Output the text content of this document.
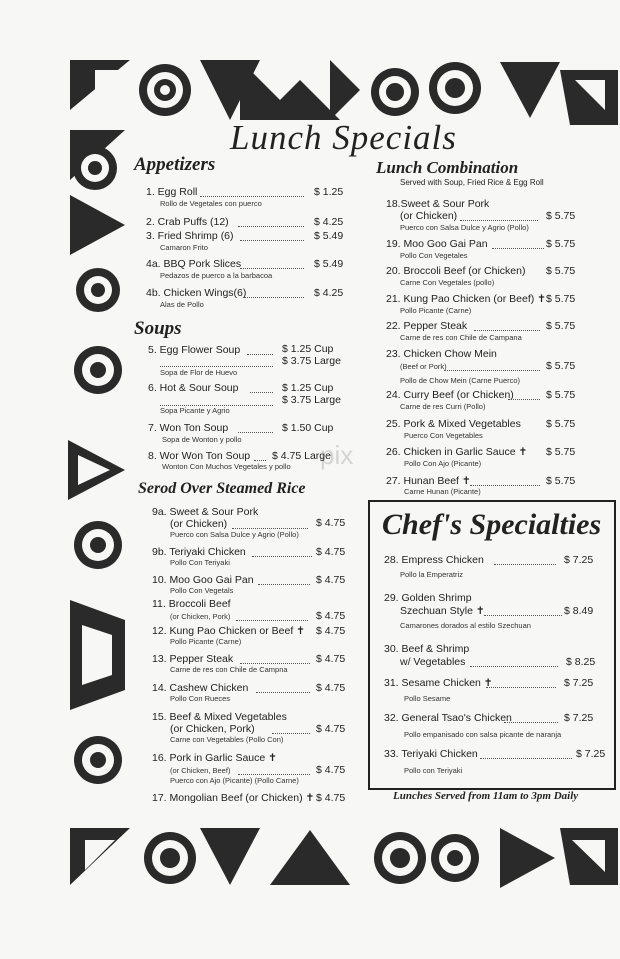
pix
Lunch Specials
Appetizers
1. Egg Roll	$ 1.25
Rollo de Vegetales con puerco
2. Crab Puffs (12)	$ 4.25
3. Fried Shrimp (6)	$ 5.49
Camaron Frito
4a. BBQ Pork Slices	$ 5.49
Pedazos de puerco a la barbacoa
4b. Chicken Wings(6)	$ 4.25
Alas de Pollo
Soups
5. Egg Flower Soup	$ 1.25 Cup
$ 3.75 Large
Sopa de Flor de Huevo
6. Hot & Sour Soup	$ 1.25 Cup
$ 3.75 Large
Sopa Picante y Agrio
7. Won Ton Soup	$ 1.50 Cup
Sopa de Wonton y pollo
8. Wor Won Ton Soup $ 4.75 Large
Wonton Con Muchos Vegetales y pollo
Serod Over Steamed Rice
9a. Sweet & Sour Pork
(or Chicken)	$ 4.75
Puerco con Salsa Dulce y Agrio (Pollo)
9b. Teriyaki Chicken	$ 4.75
Pollo Con Teriyaki
10. Moo Goo Gai Pan	$ 4.75
Pollo Con Vegetals
11. Broccoli Beef
(or Chicken, Pork)	$ 4.75
12. Kung Pao Chicken or Beef ✝ $ 4.75
Pollo Picante (Carne)
13. Pepper Steak	$ 4.75
Carne de res con Chile de Campna
14. Cashew Chicken	$ 4.75
Pollo Con Rueces
15. Beef & Mixed Vegetables
(or Chicken, Pork)	$ 4.75
Carne con Vegetables (Pollo Con)
16. Pork in Garlic Sauce ✝
(or Chicken, Beef)	$ 4.75
Puerco con Ajo (Picante) (Pollo Carne)
17. Mongolian Beef (or Chicken) ✝ $ 4.75
Lunch Combination
Served with Soup, Fried Rice & Egg Roll
18.Sweet & Sour Pork
(or Chicken)	$ 5.75
Puerco con Salsa Dulce y Agrio (Pollo)
19. Moo Goo Gai Pan	$ 5.75
Pollo Con Vegetales
20. Broccoli Beef (or Chicken) $ 5.75
Carne Con Vegetales (pollo)
21. Kung Pao Chicken (or Beef) ✝ $ 5.75
Pollo Picante (Carne)
22. Pepper Steak	$ 5.75
Carne de res con Chile de Campana
23. Chicken Chow Mein
(Beef or Pork)	$ 5.75
Pollo de Chow Mein (Carne Puerco)
24. Curry Beef (or Chicken)	$ 5.75
Carne de res Curri (Pollo)
25. Pork & Mixed Vegetables $ 5.75
Puerco Con Vegetables
26. Chicken in Garlic Sauce ✝ $ 5.75
Pollo Con Ajo (Picante)
27. Hunan Beef ✝	$ 5.75
Carne Hunan (Picante)
Chef's Specialties
28. Empress Chicken	$ 7.25
Pollo la Emperatriz
29. Golden Shrimp
Szechuan Style ✝	$ 8.49
Camarones dorados al estilo Szechuan
30. Beef & Shrimp
w/ Vegetables	$ 8.25
31. Sesame Chicken ✝	$ 7.25
Pollo Sesame
32. General Tsao's Chicken	$ 7.25
Pollo empanisado con salsa picante de naranja
33. Teriyaki Chicken	$ 7.25
Pollo con Teriyaki
Lunches Served from 11am to 3pm Daily
